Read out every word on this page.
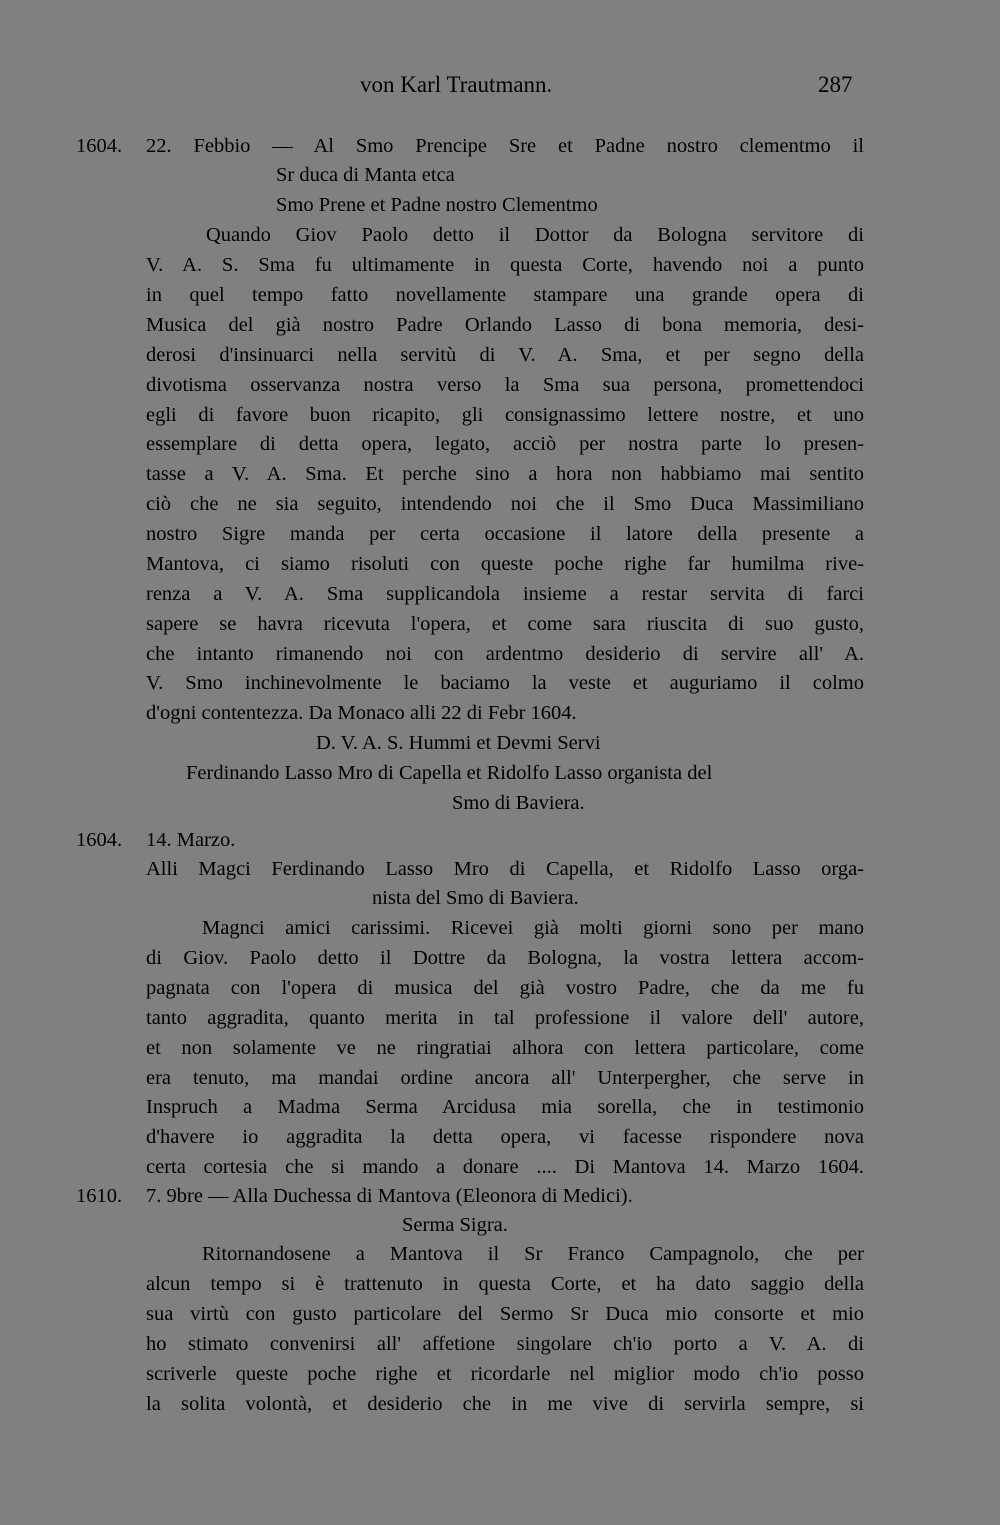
von Karl Trautmann.	287
1604. 22. Febbio — Al Smo Prencipe Sre et Padne nostro clementmo il
Sr duca di Manta etca
Smo Prene et Padne nostro Clementmo
Quando Giov Paolo detto il Dottor da Bologna servitore di
V. A. S. Sma fu ultimamente in questa Corte, havendo noi a punto
in quel tempo fatto novellamente stampare una grande opera di
Musica del già nostro Padre Orlando Lasso di bona memoria, desi-
derosi d'insinuarci nella servitù di V. A. Sma, et per segno della
divotisma osservanza nostra verso la Sma sua persona, promettendoci
egli di favore buon ricapito, gli consignassimo lettere nostre, et uno
essemplare di detta opera, legato, acciò per nostra parte lo presen-
tasse a V. A. Sma. Et perche sino a hora non habbiamo mai sentito
ciò che ne sia seguito, intendendo noi che il Smo Duca Massimiliano
nostro Sigre manda per certa occasione il latore della presente a
Mantova, ci siamo risoluti con queste poche righe far humilma rive-
renza a V. A. Sma supplicandola insieme a restar servita di farci
sapere se havra ricevuta l'opera, et come sara riuscita di suo gusto,
che intanto rimanendo noi con ardentmo desiderio di servire all' A.
V. Smo inchinevolmente le baciamo la veste et auguriamo il colmo
d'ogni contentezza. Da Monaco alli 22 di Febr 1604.
D. V. A. S. Hummi et Devmi Servi
Ferdinando Lasso Mro di Capella et Ridolfo Lasso organista del
Smo di Baviera.
1604. 14. Marzo.
Alli Magci Ferdinando Lasso Mro di Capella, et Ridolfo Lasso orga-
nista del Smo di Baviera.
Magnci amici carissimi. Ricevei già molti giorni sono per mano
di Giov. Paolo detto il Dottre da Bologna, la vostra lettera accom-
pagnata con l'opera di musica del già vostro Padre, che da me fu
tanto aggradita, quanto merita in tal professione il valore dell' autore,
et non solamente ve ne ringratiai alhora con lettera particolare, come
era tenuto, ma mandai ordine ancora all' Unterpergher, che serve in
Inspruch a Madma Serma Arcidusa mia sorella, che in testimonio
d'havere io aggradita la detta opera, vi facesse rispondere nova
certa cortesia che si mando a donare .... Di Mantova 14. Marzo 1604.
1610. 7. 9bre — Alla Duchessa di Mantova (Eleonora di Medici).
Serma Sigra.
Ritornandosene a Mantova il Sr Franco Campagnolo, che per
alcun tempo si è trattenuto in questa Corte, et ha dato saggio della
sua virtù con gusto particolare del Sermo Sr Duca mio consorte et mio
ho stimato convenirsi all' affetione singolare ch'io porto a V. A. di
scriverle queste poche righe et ricordarle nel miglior modo ch'io posso
la solita volontà, et desiderio che in me vive di servirla sempre, si
